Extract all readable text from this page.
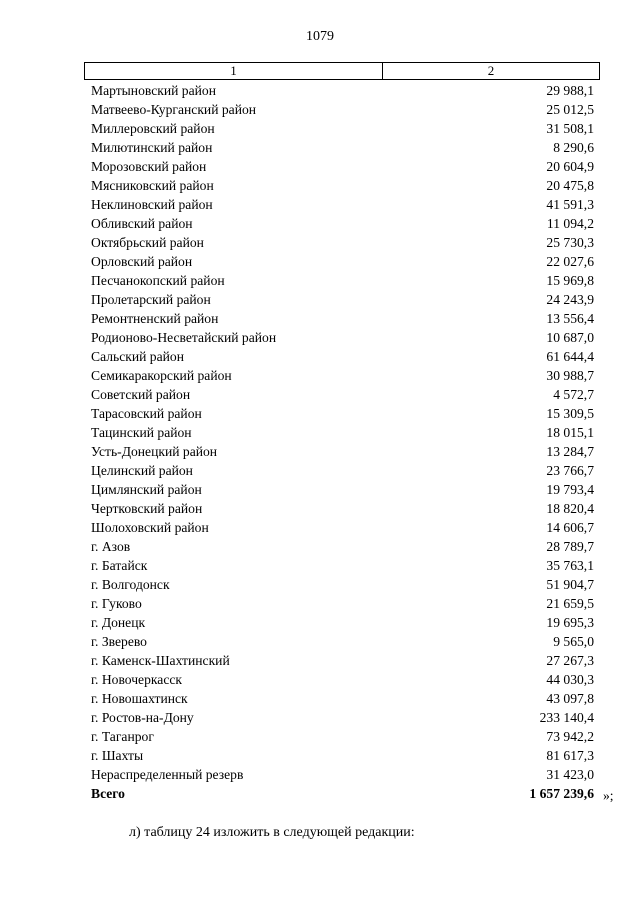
1079
1	2
Мартыновский район	29 988,1
Матвеево-Курганский район	25 012,5
Миллеровский район	31 508,1
Милютинский район	8 290,6
Морозовский район	20 604,9
Мясниковский район	20 475,8
Неклиновский район	41 591,3
Обливский район	11 094,2
Октябрьский район	25 730,3
Орловский район	22 027,6
Песчанокопский район	15 969,8
Пролетарский район	24 243,9
Ремонтненский район	13 556,4
Родионово-Несветайский район	10 687,0
Сальский район	61 644,4
Семикаракорский район	30 988,7
Советский район	4 572,7
Тарасовский район	15 309,5
Тацинский район	18 015,1
Усть-Донецкий район	13 284,7
Целинский район	23 766,7
Цимлянский район	19 793,4
Чертковский район	18 820,4
Шолоховский район	14 606,7
г. Азов	28 789,7
г. Батайск	35 763,1
г. Волгодонск	51 904,7
г. Гуково	21 659,5
г. Донецк	19 695,3
г. Зверево	9 565,0
г. Каменск-Шахтинский	27 267,3
г. Новочеркасск	44 030,3
г. Новошахтинск	43 097,8
г. Ростов-на-Дону	233 140,4
г. Таганрог	73 942,2
г. Шахты	81 617,3
Нераспределенный резерв	31 423,0
Всего	1 657 239,6 »;
л) таблицу 24 изложить в следующей редакции:
